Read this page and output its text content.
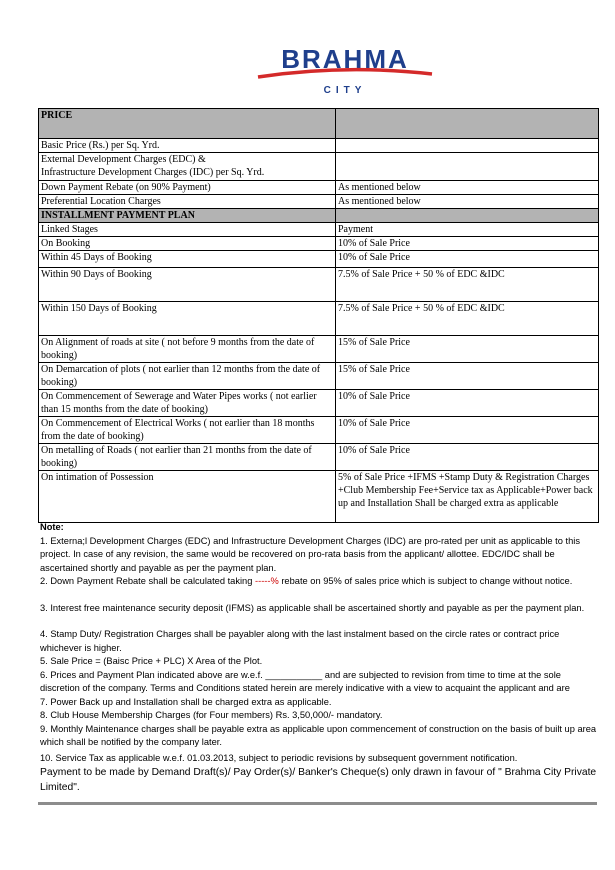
BRAHMA
CITY
PRICE	
Basic Price (Rs.) per Sq. Yrd.	
External Development Charges (EDC) &
Infrastructure Development Charges (IDC) per Sq. Yrd.	
Down Payment Rebate (on 90% Payment)	As mentioned below
Preferential Location Charges	As mentioned below
INSTALLMENT PAYMENT PLAN	
Linked Stages	Payment
On Booking	10% of Sale Price
Within 45 Days of Booking	10% of Sale Price
Within 90 Days of Booking	7.5% of Sale Price + 50 % of EDC &IDC
Within 150 Days of Booking	7.5% of Sale Price + 50 % of EDC &IDC
On Alignment of roads at site ( not before 9 months from the date of booking)	15% of Sale Price
On Demarcation of plots ( not earlier than 12 months from the date of booking)	15% of Sale Price
On Commencement of Sewerage and Water Pipes works ( not earlier than 15 months from the date of booking)	10% of Sale Price
On Commencement of Electrical Works ( not earlier than 18 months from the date of booking)	10% of Sale Price
On metalling of Roads ( not earlier than 21 months from the date of booking)	10% of Sale Price
On intimation of Possession	5% of Sale Price +IFMS +Stamp Duty & Registration Charges +Club Membership Fee+Service tax as Applicable+Power back up and Installation Shall be charged extra as applicable

Note:

1. Externa;l Development Charges (EDC) and Infrastructure Development Charges (IDC) are pro-rated per unit as applicable to this project. In case of any revision, the same would be recovered on pro-rata basis from the applicant/ allottee. EDC/IDC shall be ascertained shortly and payable as per the payment plan.

2. Down Payment Rebate shall be calculated taking -----% rebate on 95% of sales price which is subject to change without notice.

3. Interest free maintenance security deposit (IFMS) as applicable shall be ascertained shortly and payable as per the payment plan.

4. Stamp Duty/ Registration Charges shall be payabler along with the last instalment based on the circle rates or contract price whichever is higher.

5. Sale Price = (Baisc Price + PLC) X Area of the Plot.

6. Prices and Payment Plan indicated above are w.e.f. ___________ and are subjected to revision from time to time at the sole discretion of the company. Terms and Conditions stated herein are merely indicative with a view to acquaint the applicant and are

7. Power Back up and Installation shall be charged extra as applicable.

8. Club House Membership Charges (for Four members) Rs. 3,50,000/- mandatory.

9. Monthly Maintenance charges shall be payable extra as applicable upon commencement of construction on the basis of built up area which shall be notified by the company later.

10. Service Tax as applicable w.e.f. 01.03.2013, subject to periodic revisions by subsequent government notification.

Payment to be made by Demand Draft(s)/ Pay Order(s)/ Banker's Cheque(s) only drawn in favour of " Brahma City Private Limited".
